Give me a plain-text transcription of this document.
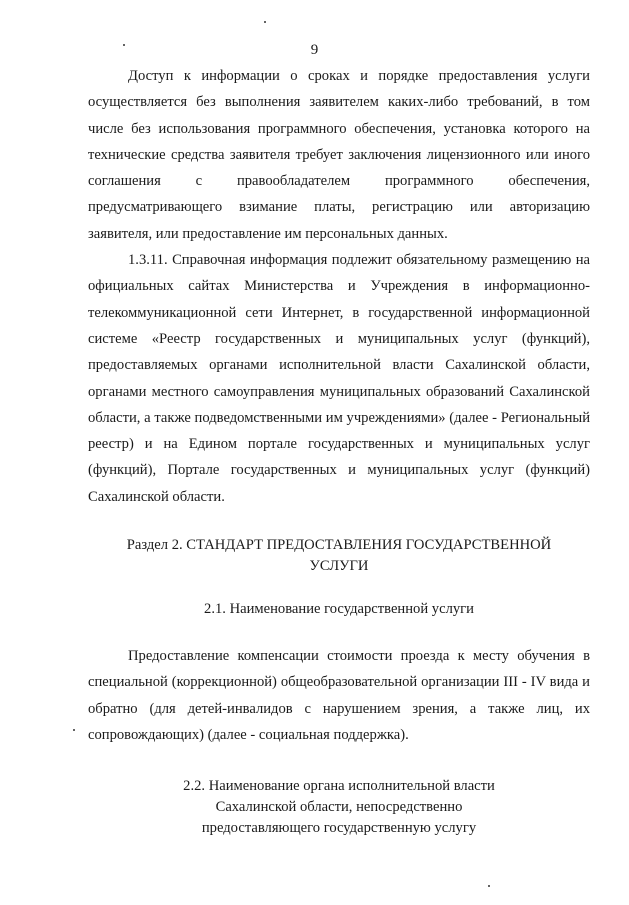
9

Доступ к информации о сроках и порядке предоставления услуги осуществляется без выполнения заявителем каких-либо требований, в том числе без использования программного обеспечения, установка которого на технические средства заявителя требует заключения лицензионного или иного соглашения с правообладателем программного обеспечения, предусматривающего взимание платы, регистрацию или авторизацию заявителя, или предоставление им персональных данных.

1.3.11. Справочная информация подлежит обязательному размещению на официальных сайтах Министерства и Учреждения в информационно-телекоммуникационной сети Интернет, в государственной информационной системе «Реестр государственных и муниципальных услуг (функций), предоставляемых органами исполнительной власти Сахалинской области, органами местного самоуправления муниципальных образований Сахалинской области, а также подведомственными им учреждениями» (далее - Региональный реестр) и на Едином портале государственных и муниципальных услуг (функций), Портале государственных и муниципальных услуг (функций) Сахалинской области.

Раздел 2. СТАНДАРТ ПРЕДОСТАВЛЕНИЯ ГОСУДАРСТВЕННОЙ
УСЛУГИ
2.1. Наименование государственной услуги

Предоставление компенсации стоимости проезда к месту обучения в специальной (коррекционной) общеобразовательной организации III - IV вида и обратно (для детей-инвалидов с нарушением зрения, а также лиц, их сопровождающих) (далее - социальная поддержка).

2.2. Наименование органа исполнительной власти
Сахалинской области, непосредственно
предоставляющего государственную услугу
